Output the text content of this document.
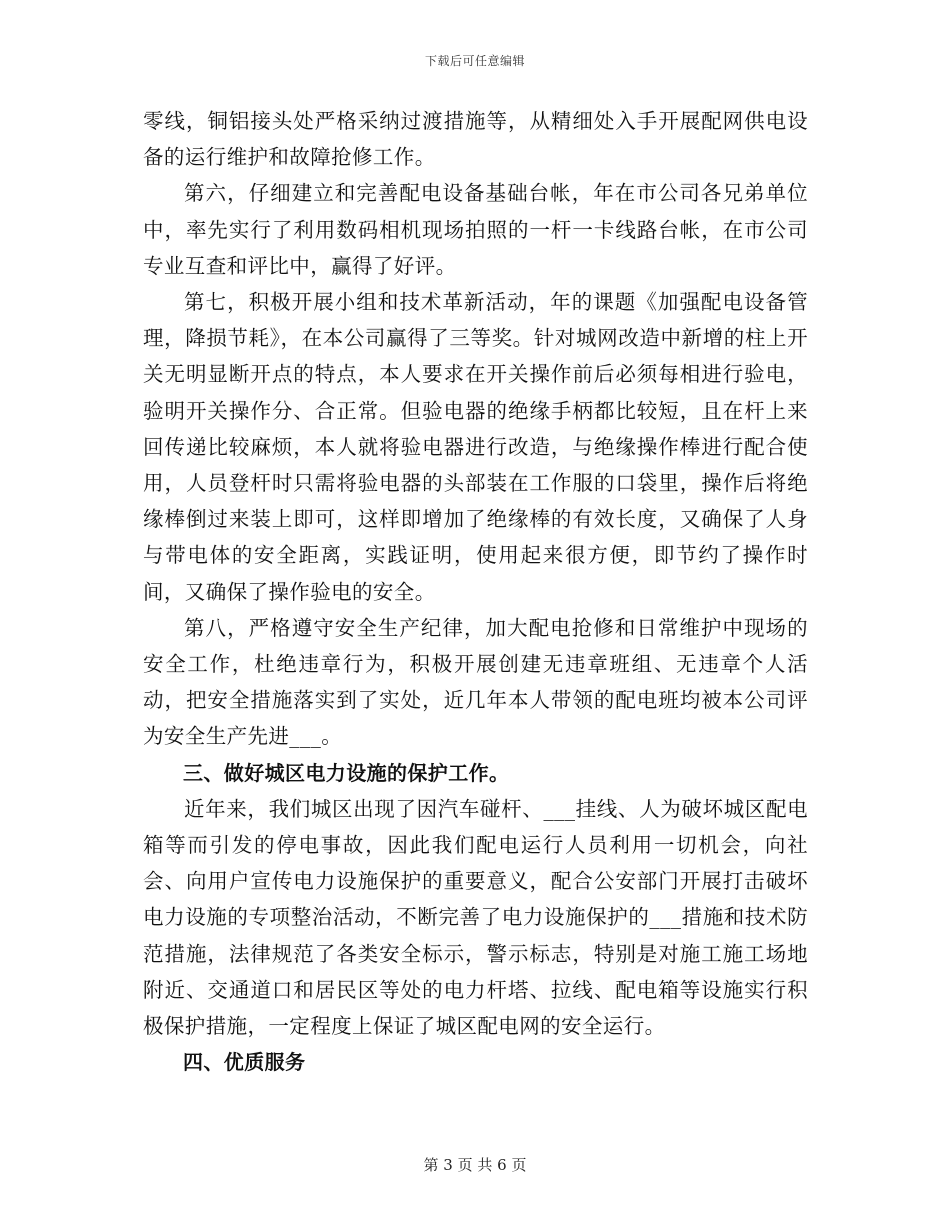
下载后可任意编辑

零线，铜铝接头处严格采纳过渡措施等，从精细处入手开展配网供电设备的运行维护和故障抢修工作。

第六，仔细建立和完善配电设备基础台帐，年在市公司各兄弟单位中，率先实行了利用数码相机现场拍照的一杆一卡线路台帐，在市公司专业互查和评比中，赢得了好评。

第七，积极开展小组和技术革新活动，年的课题《加强配电设备管理，降损节耗》，在本公司赢得了三等奖。针对城网改造中新增的柱上开关无明显断开点的特点，本人要求在开关操作前后必须每相进行验电，验明开关操作分、合正常。但验电器的绝缘手柄都比较短，且在杆上来回传递比较麻烦，本人就将验电器进行改造，与绝缘操作棒进行配合使用，人员登杆时只需将验电器的头部装在工作服的口袋里，操作后将绝缘棒倒过来装上即可，这样即增加了绝缘棒的有效长度，又确保了人身与带电体的安全距离，实践证明，使用起来很方便，即节约了操作时间，又确保了操作验电的安全。

第八，严格遵守安全生产纪律，加大配电抢修和日常维护中现场的安全工作，杜绝违章行为，积极开展创建无违章班组、无违章个人活动，把安全措施落实到了实处，近几年本人带领的配电班均被本公司评为安全生产先进___。

三、做好城区电力设施的保护工作。

近年来，我们城区出现了因汽车碰杆、___挂线、人为破坏城区配电箱等而引发的停电事故，因此我们配电运行人员利用一切机会，向社会、向用户宣传电力设施保护的重要意义，配合公安部门开展打击破坏电力设施的专项整治活动，不断完善了电力设施保护的___措施和技术防范措施，法律规范了各类安全标示，警示标志，特别是对施工施工场地附近、交通道口和居民区等处的电力杆塔、拉线、配电箱等设施实行积极保护措施，一定程度上保证了城区配电网的安全运行。

四、优质服务

第 3 页 共 6 页
